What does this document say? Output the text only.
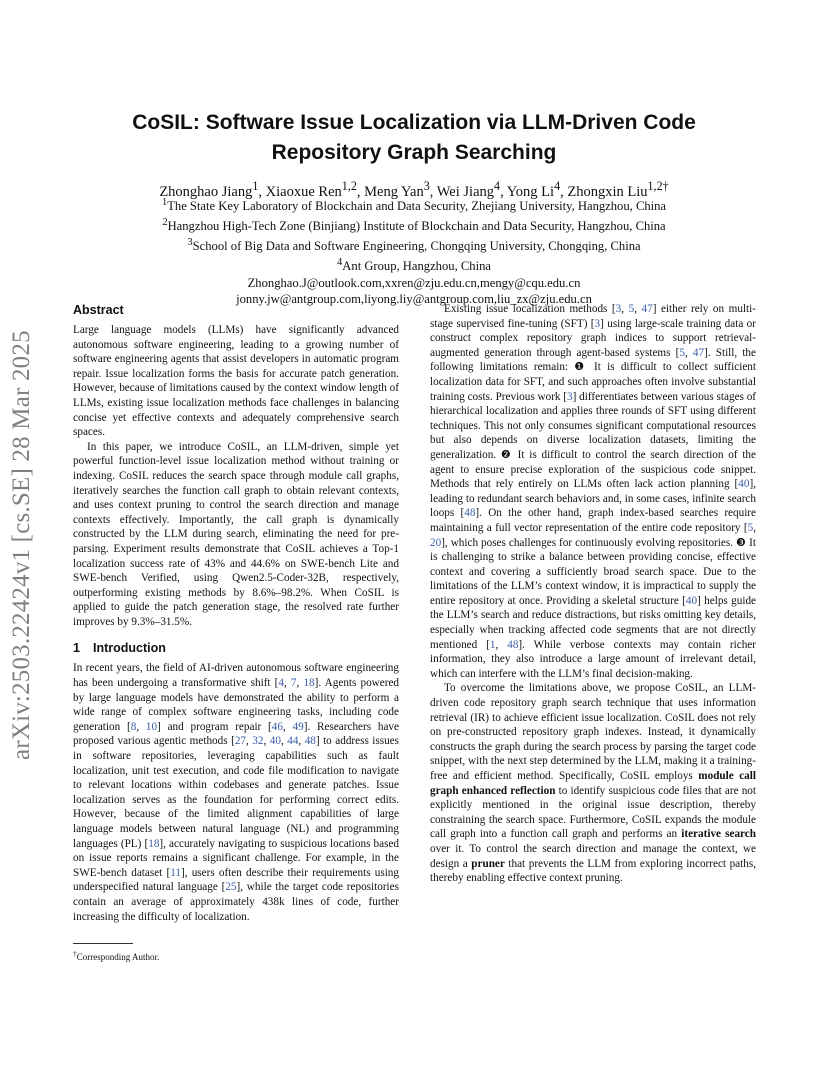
arXiv:2503.22424v1 [cs.SE] 28 Mar 2025
CoSIL: Software Issue Localization via LLM-Driven Code
Repository Graph Searching
Zhonghao Jiang$^1$, Xiaoxue Ren$^{1,2}$, Meng Yan$^3$, Wei Jiang$^4$, Yong Li$^4$, Zhongxin Liu$^{1,2\dagger}$
$^1$The State Key Laboratory of Blockchain and Data Security, Zhejiang University, Hangzhou, China
$^2$Hangzhou High-Tech Zone (Binjiang) Institute of Blockchain and Data Security, Hangzhou, China
$^3$School of Big Data and Software Engineering, Chongqing University, Chongqing, China
$^4$Ant Group, Hangzhou, China
Zhonghao.J@outlook.com,xxren@zju.edu.cn,mengy@cqu.edu.cn
jonny.jw@antgroup.com,liyong.liy@antgroup.com,liu_zx@zju.edu.cn
Abstract

Large language models (LLMs) have significantly advanced autonomous software engineering, leading to a growing number of software engineering agents that assist developers in automatic program repair. Issue localization forms the basis for accurate patch generation. However, because of limitations caused by the context window length of LLMs, existing issue localization methods face challenges in balancing concise yet effective contexts and adequately comprehensive search spaces.

In this paper, we introduce CoSIL, an LLM-driven, simple yet powerful function-level issue localization method without training or indexing. CoSIL reduces the search space through module call graphs, iteratively searches the function call graph to obtain relevant contexts, and uses context pruning to control the search direction and manage contexts effectively. Importantly, the call graph is dynamically constructed by the LLM during search, eliminating the need for pre-parsing. Experiment results demonstrate that CoSIL achieves a Top-1 localization success rate of 43% and 44.6% on SWE-bench Lite and SWE-bench Verified, using Qwen2.5-Coder-32B, respectively, outperforming existing methods by 8.6%–98.2%. When CoSIL is applied to guide the patch generation stage, the resolved rate further improves by 9.3%–31.5%.

1 Introduction

In recent years, the field of AI-driven autonomous software engineering has been undergoing a transformative shift [4, 7, 18]. Agents powered by large language models have demonstrated the ability to perform a wide range of complex software engineering tasks, including code generation [8, 10] and program repair [46, 49]. Researchers have proposed various agentic methods [27, 32, 40, 44, 48] to address issues in software repositories, leveraging capabilities such as fault localization, unit test execution, and code file modification to navigate to relevant locations within codebases and generate patches. Issue localization serves as the foundation for performing correct edits. However, because of the limited alignment capabilities of large language models between natural language (NL) and programming languages (PL) [18], accurately navigating to suspicious locations based on issue reports remains a significant challenge. For example, in the SWE-bench dataset [11], users often describe their requirements using underspecified natural language [25], while the target code repositories contain an average of approximately 438k lines of code, further increasing the difficulty of localization.

†Corresponding Author.

Existing issue localization methods [3, 5, 47] either rely on multi-stage supervised fine-tuning (SFT) [3] using large-scale training data or construct complex repository graph indices to support retrieval-augmented generation through agent-based systems [5, 47]. Still, the following limitations remain: ❶ It is difficult to collect sufficient localization data for SFT, and such approaches often involve substantial training costs. Previous work [3] differentiates between various stages of hierarchical localization and applies three rounds of SFT using different techniques. This not only consumes significant computational resources but also depends on diverse localization datasets, limiting the generalization. ❷ It is difficult to control the search direction of the agent to ensure precise exploration of the suspicious code snippet. Methods that rely entirely on LLMs often lack action planning [40], leading to redundant search behaviors and, in some cases, infinite search loops [48]. On the other hand, graph index-based searches require maintaining a full vector representation of the entire code repository [5, 20], which poses challenges for continuously evolving repositories. ❸ It is challenging to strike a balance between providing concise, effective context and covering a sufficiently broad search space. Due to the limitations of the LLM’s context window, it is impractical to supply the entire repository at once. Providing a skeletal structure [40] helps guide the LLM’s search and reduce distractions, but risks omitting key details, especially when tracking affected code segments that are not directly mentioned [1, 48]. While verbose contexts may contain richer information, they also introduce a large amount of irrelevant detail, which can interfere with the LLM’s final decision-making.

To overcome the limitations above, we propose CoSIL, an LLM-driven code repository graph search technique that uses information retrieval (IR) to achieve efficient issue localization. CoSIL does not rely on pre-constructed repository graph indexes. Instead, it dynamically constructs the graph during the search process by parsing the target code snippet, with the next step determined by the LLM, making it a training-free and efficient method. Specifically, CoSIL employs module call graph enhanced reflection to identify suspicious code files that are not explicitly mentioned in the original issue description, thereby constraining the search space. Furthermore, CoSIL expands the module call graph into a function call graph and performs an iterative search over it. To control the search direction and manage the context, we design a pruner that prevents the LLM from exploring incorrect paths, thereby enabling effective context pruning.
